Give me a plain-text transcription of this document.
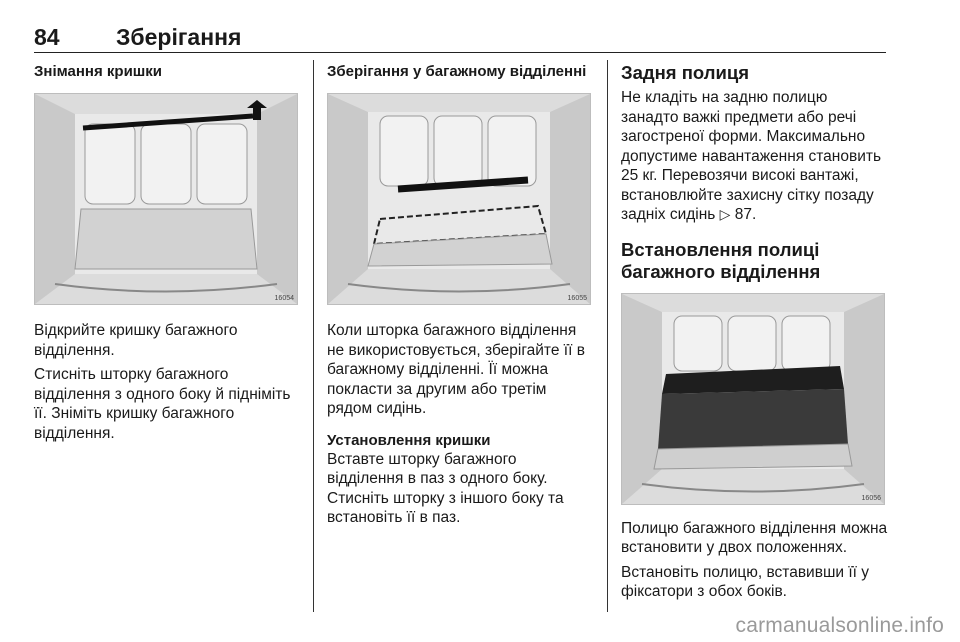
84 Зберігання
Знімання кришки
16054

Відкрийте кришку багажного відділення.

Стисніть шторку багажного відділення з одного боку й підніміть її. Зніміть кришку багажного відділення.

Зберігання у багажному відділенні
16055

Коли шторка багажного відділення не використовується, зберігайте її в багажному відділенні. Її можна покласти за другим або третім рядом сидінь.

Установлення кришки

Вставте шторку багажного відділення в паз з одного боку. Стисніть шторку з іншого боку та встановіть її в паз.

Задня полиця

Не кладіть на задню полицю занадто важкі предмети або речі загостреної форми. Максимально допустиме навантаження становить 25 кг. Перевозячи високі вантажі, встановлюйте захисну сітку позаду задніх сидінь ▷ 87.

Встановлення полиці багажного відділення
16056

Полицю багажного відділення можна встановити у двох положеннях.

Встановіть полицю, вставивши її у фіксатори з обох боків.

carmanualsonline.info
